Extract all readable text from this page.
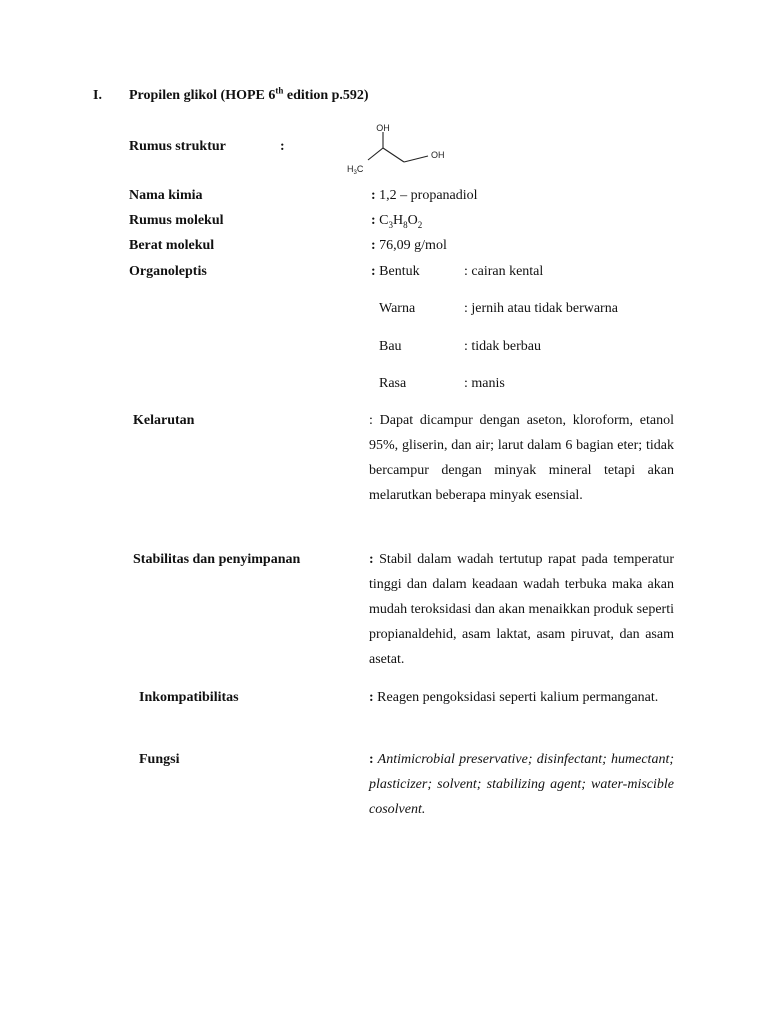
I. Propilen glikol (HOPE 6th edition p.592)
Rumus struktur	:
OH
OH
$H_3C$
Nama kimia	: 1,2 – propanadiol
Rumus molekul	: $C_3H_8O_2$
Berat molekul	: 76,09 g/mol
Organoleptis	: Bentuk	: cairan kental
Warna	: jernih atau tidak berwarna
Bau	: tidak berbau
Rasa	: manis
Kelarutan	: Dapat dicampur dengan aseton, kloroform, etanol 95%, gliserin, dan air; larut dalam 6 bagian eter; tidak bercampur dengan minyak mineral tetapi akan melarutkan beberapa minyak esensial.
Stabilitas dan penyimpanan	: Stabil dalam wadah tertutup rapat pada temperatur tinggi dan dalam keadaan wadah terbuka maka akan mudah teroksidasi dan akan menaikkan produk seperti propianaldehid, asam laktat, asam piruvat, dan asam asetat.
Inkompatibilitas	: Reagen pengoksidasi seperti kalium permanganat.
Fungsi	: Antimicrobial preservative; disinfectant; humectant; plasticizer; solvent; stabilizing agent; water-miscible cosolvent.
